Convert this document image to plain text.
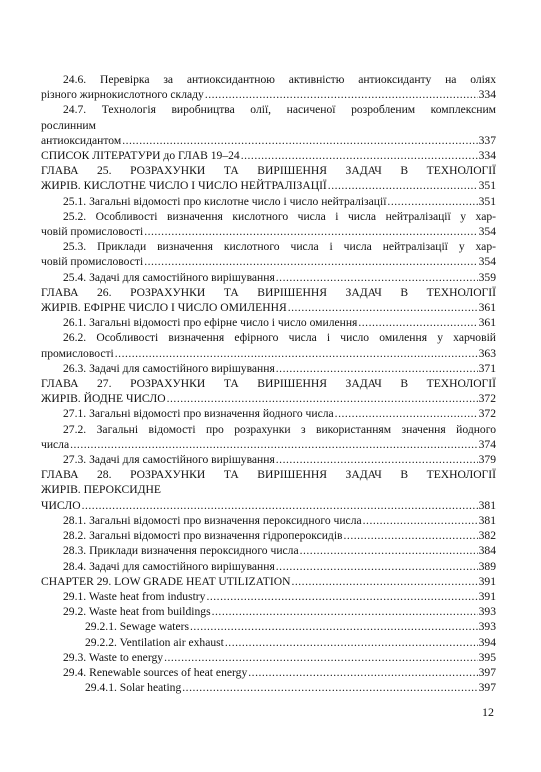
24.6. Перевірка за антиоксидантною активністю антиоксиданту на оліях
різного жирнокислотного складу .....	334
24.7. Технологія виробництва олії, насиченої розробленим комплексним
рослинним
антиоксидантом .....	337
СПИСОК ЛІТЕРАТУРИ до ГЛАВ 19–24 .....	334
ГЛАВА 25. РОЗРАХУНКИ ТА ВИРІШЕННЯ ЗАДАЧ В ТЕХНОЛОГІЇ
ЖИРІВ. КИСЛОТНЕ ЧИСЛО І ЧИСЛО НЕЙТРАЛІЗАЦІЇ .....	351
25.1. Загальні відомості про кислотне число і число нейтралізації .....	351
25.2. Особливості визначення кислотного числа і числа нейтралізації у хар-
човій промисловості .....	354
25.3. Приклади визначення кислотного числа і числа нейтралізації у хар-
човій промисловості .....	354
25.4. Задачі для самостійного вирішування .....	359
ГЛАВА 26. РОЗРАХУНКИ ТА ВИРІШЕННЯ ЗАДАЧ В ТЕХНОЛОГІЇ
ЖИРІВ. ЕФІРНЕ ЧИСЛО І ЧИСЛО ОМИЛЕННЯ .....	361
26.1. Загальні відомості про ефірне число і число омилення .....	361
26.2. Особливості визначення ефірного числа і число омилення у харчовій
промисловості .....	363
26.3. Задачі для самостійного вирішування .....	371
ГЛАВА 27. РОЗРАХУНКИ ТА ВИРІШЕННЯ ЗАДАЧ В ТЕХНОЛОГІЇ
ЖИРІВ. ЙОДНЕ ЧИСЛО .....	372
27.1. Загальні відомості про визначення йодного числа .....	372
27.2. Загальні відомості про розрахунки з використанням значення йодного
числа .....	374
27.3. Задачі для самостійного вирішування .....	379
ГЛАВА 28. РОЗРАХУНКИ ТА ВИРІШЕННЯ ЗАДАЧ В ТЕХНОЛОГІЇ
ЖИРІВ. ПЕРОКСИДНЕ
ЧИСЛО .....	381
28.1. Загальні відомості про визначення пероксидного числа .....	381
28.2. Загальні відомості про визначення гідропероксидів .....	382
28.3. Приклади визначення пероксидного числа .....	384
28.4. Задачі для самостійного вирішування .....	389
CHAPTER 29. LOW GRADE HEAT UTILIZATION .....	391
29.1. Waste heat from industry .....	391
29.2. Waste heat from buildings .....	393
29.2.1. Sewage waters .....	393
29.2.2. Ventilation air exhaust .....	394
29.3. Waste to energy .....	395
29.4. Renewable sources of heat energy .....	397
29.4.1. Solar heating .....	397
12
